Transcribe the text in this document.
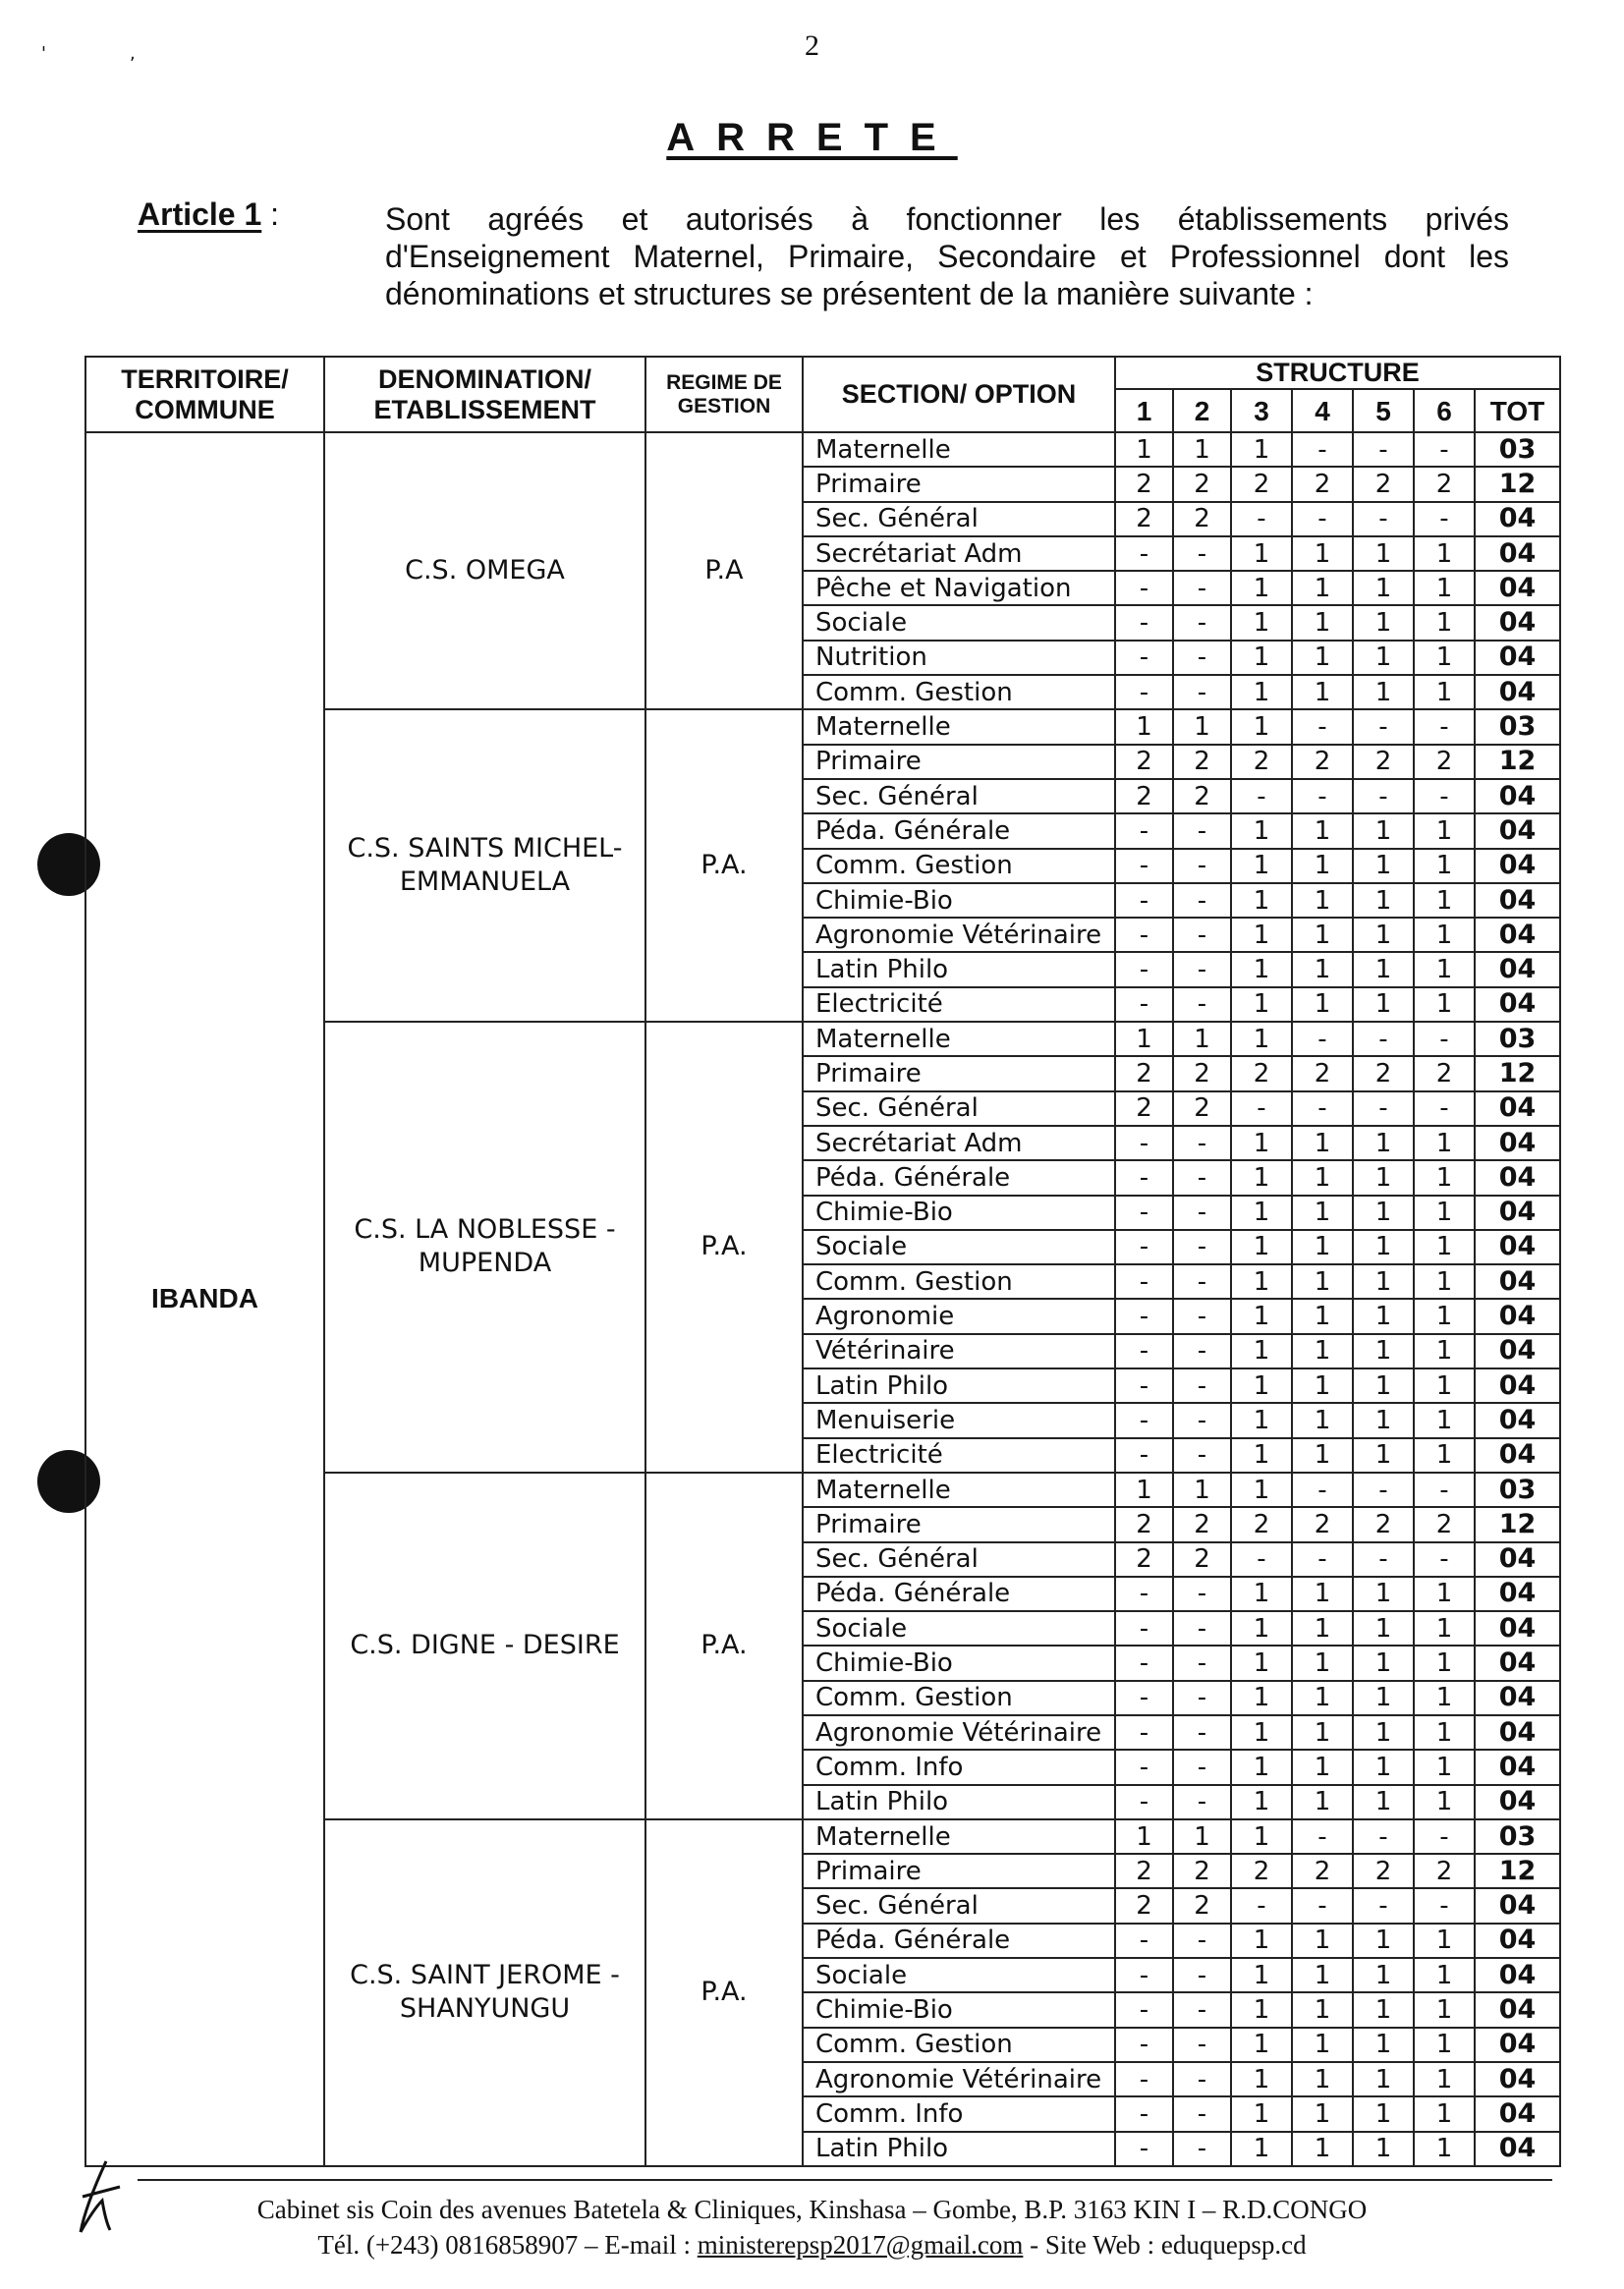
'	,	2
ARRETE
Article 1 :	Sont agréés et autorisés à fonctionner les établissements privés d'Enseignement Maternel, Primaire, Secondaire et Professionnel dont les dénominations et structures se présentent de la manière suivante :
TERRITOIRE/ COMMUNE	DENOMINATION/ ETABLISSEMENT	REGIME DE GESTION	SECTION/ OPTION	STRUCTURE						
				1	2	3	4	5	6	TOT
IBANDA	C.S. OMEGA	P.A	Maternelle	1	1	1	-	-	-	03
			Primaire	2	2	2	2	2	2	12
			Sec. Général	2	2	-	-	-	-	04
			Secrétariat Adm	-	-	1	1	1	1	04
			Pêche et Navigation	-	-	1	1	1	1	04
			Sociale	-	-	1	1	1	1	04
			Nutrition	-	-	1	1	1	1	04
			Comm. Gestion	-	-	1	1	1	1	04
	C.S. SAINTS MICHEL- EMMANUELA	P.A.	Maternelle	1	1	1	-	-	-	03
			Primaire	2	2	2	2	2	2	12
			Sec. Général	2	2	-	-	-	-	04
			Péda. Générale	-	-	1	1	1	1	04
			Comm. Gestion	-	-	1	1	1	1	04
			Chimie-Bio	-	-	1	1	1	1	04
			Agronomie Vétérinaire	-	-	1	1	1	1	04
			Latin Philo	-	-	1	1	1	1	04
			Electricité	-	-	1	1	1	1	04
	C.S. LA NOBLESSE - MUPENDA	P.A.	Maternelle	1	1	1	-	-	-	03
			Primaire	2	2	2	2	2	2	12
			Sec. Général	2	2	-	-	-	-	04
			Secrétariat Adm	-	-	1	1	1	1	04
			Péda. Générale	-	-	1	1	1	1	04
			Chimie-Bio	-	-	1	1	1	1	04
			Sociale	-	-	1	1	1	1	04
			Comm. Gestion	-	-	1	1	1	1	04
			Agronomie	-	-	1	1	1	1	04
			Vétérinaire	-	-	1	1	1	1	04
			Latin Philo	-	-	1	1	1	1	04
			Menuiserie	-	-	1	1	1	1	04
			Electricité	-	-	1	1	1	1	04
	C.S. DIGNE - DESIRE	P.A.	Maternelle	1	1	1	-	-	-	03
			Primaire	2	2	2	2	2	2	12
			Sec. Général	2	2	-	-	-	-	04
			Péda. Générale	-	-	1	1	1	1	04
			Sociale	-	-	1	1	1	1	04
			Chimie-Bio	-	-	1	1	1	1	04
			Comm. Gestion	-	-	1	1	1	1	04
			Agronomie Vétérinaire	-	-	1	1	1	1	04
			Comm. Info	-	-	1	1	1	1	04
			Latin Philo	-	-	1	1	1	1	04
	C.S. SAINT JEROME - SHANYUNGU	P.A.	Maternelle	1	1	1	-	-	-	03
			Primaire	2	2	2	2	2	2	12
			Sec. Général	2	2	-	-	-	-	04
			Péda. Générale	-	-	1	1	1	1	04
			Sociale	-	-	1	1	1	1	04
			Chimie-Bio	-	-	1	1	1	1	04
			Comm. Gestion	-	-	1	1	1	1	04
			Agronomie Vétérinaire	-	-	1	1	1	1	04
			Comm. Info	-	-	1	1	1	1	04
			Latin Philo	-	-	1	1	1	1	04
Cabinet sis Coin des avenues Batetela & Cliniques, Kinshasa – Gombe, B.P. 3163 KIN I – R.D.CONGO
Tél. (+243) 0816858907 – E-mail : ministerepsp2017@gmail.com - Site Web : eduquepsp.cd
